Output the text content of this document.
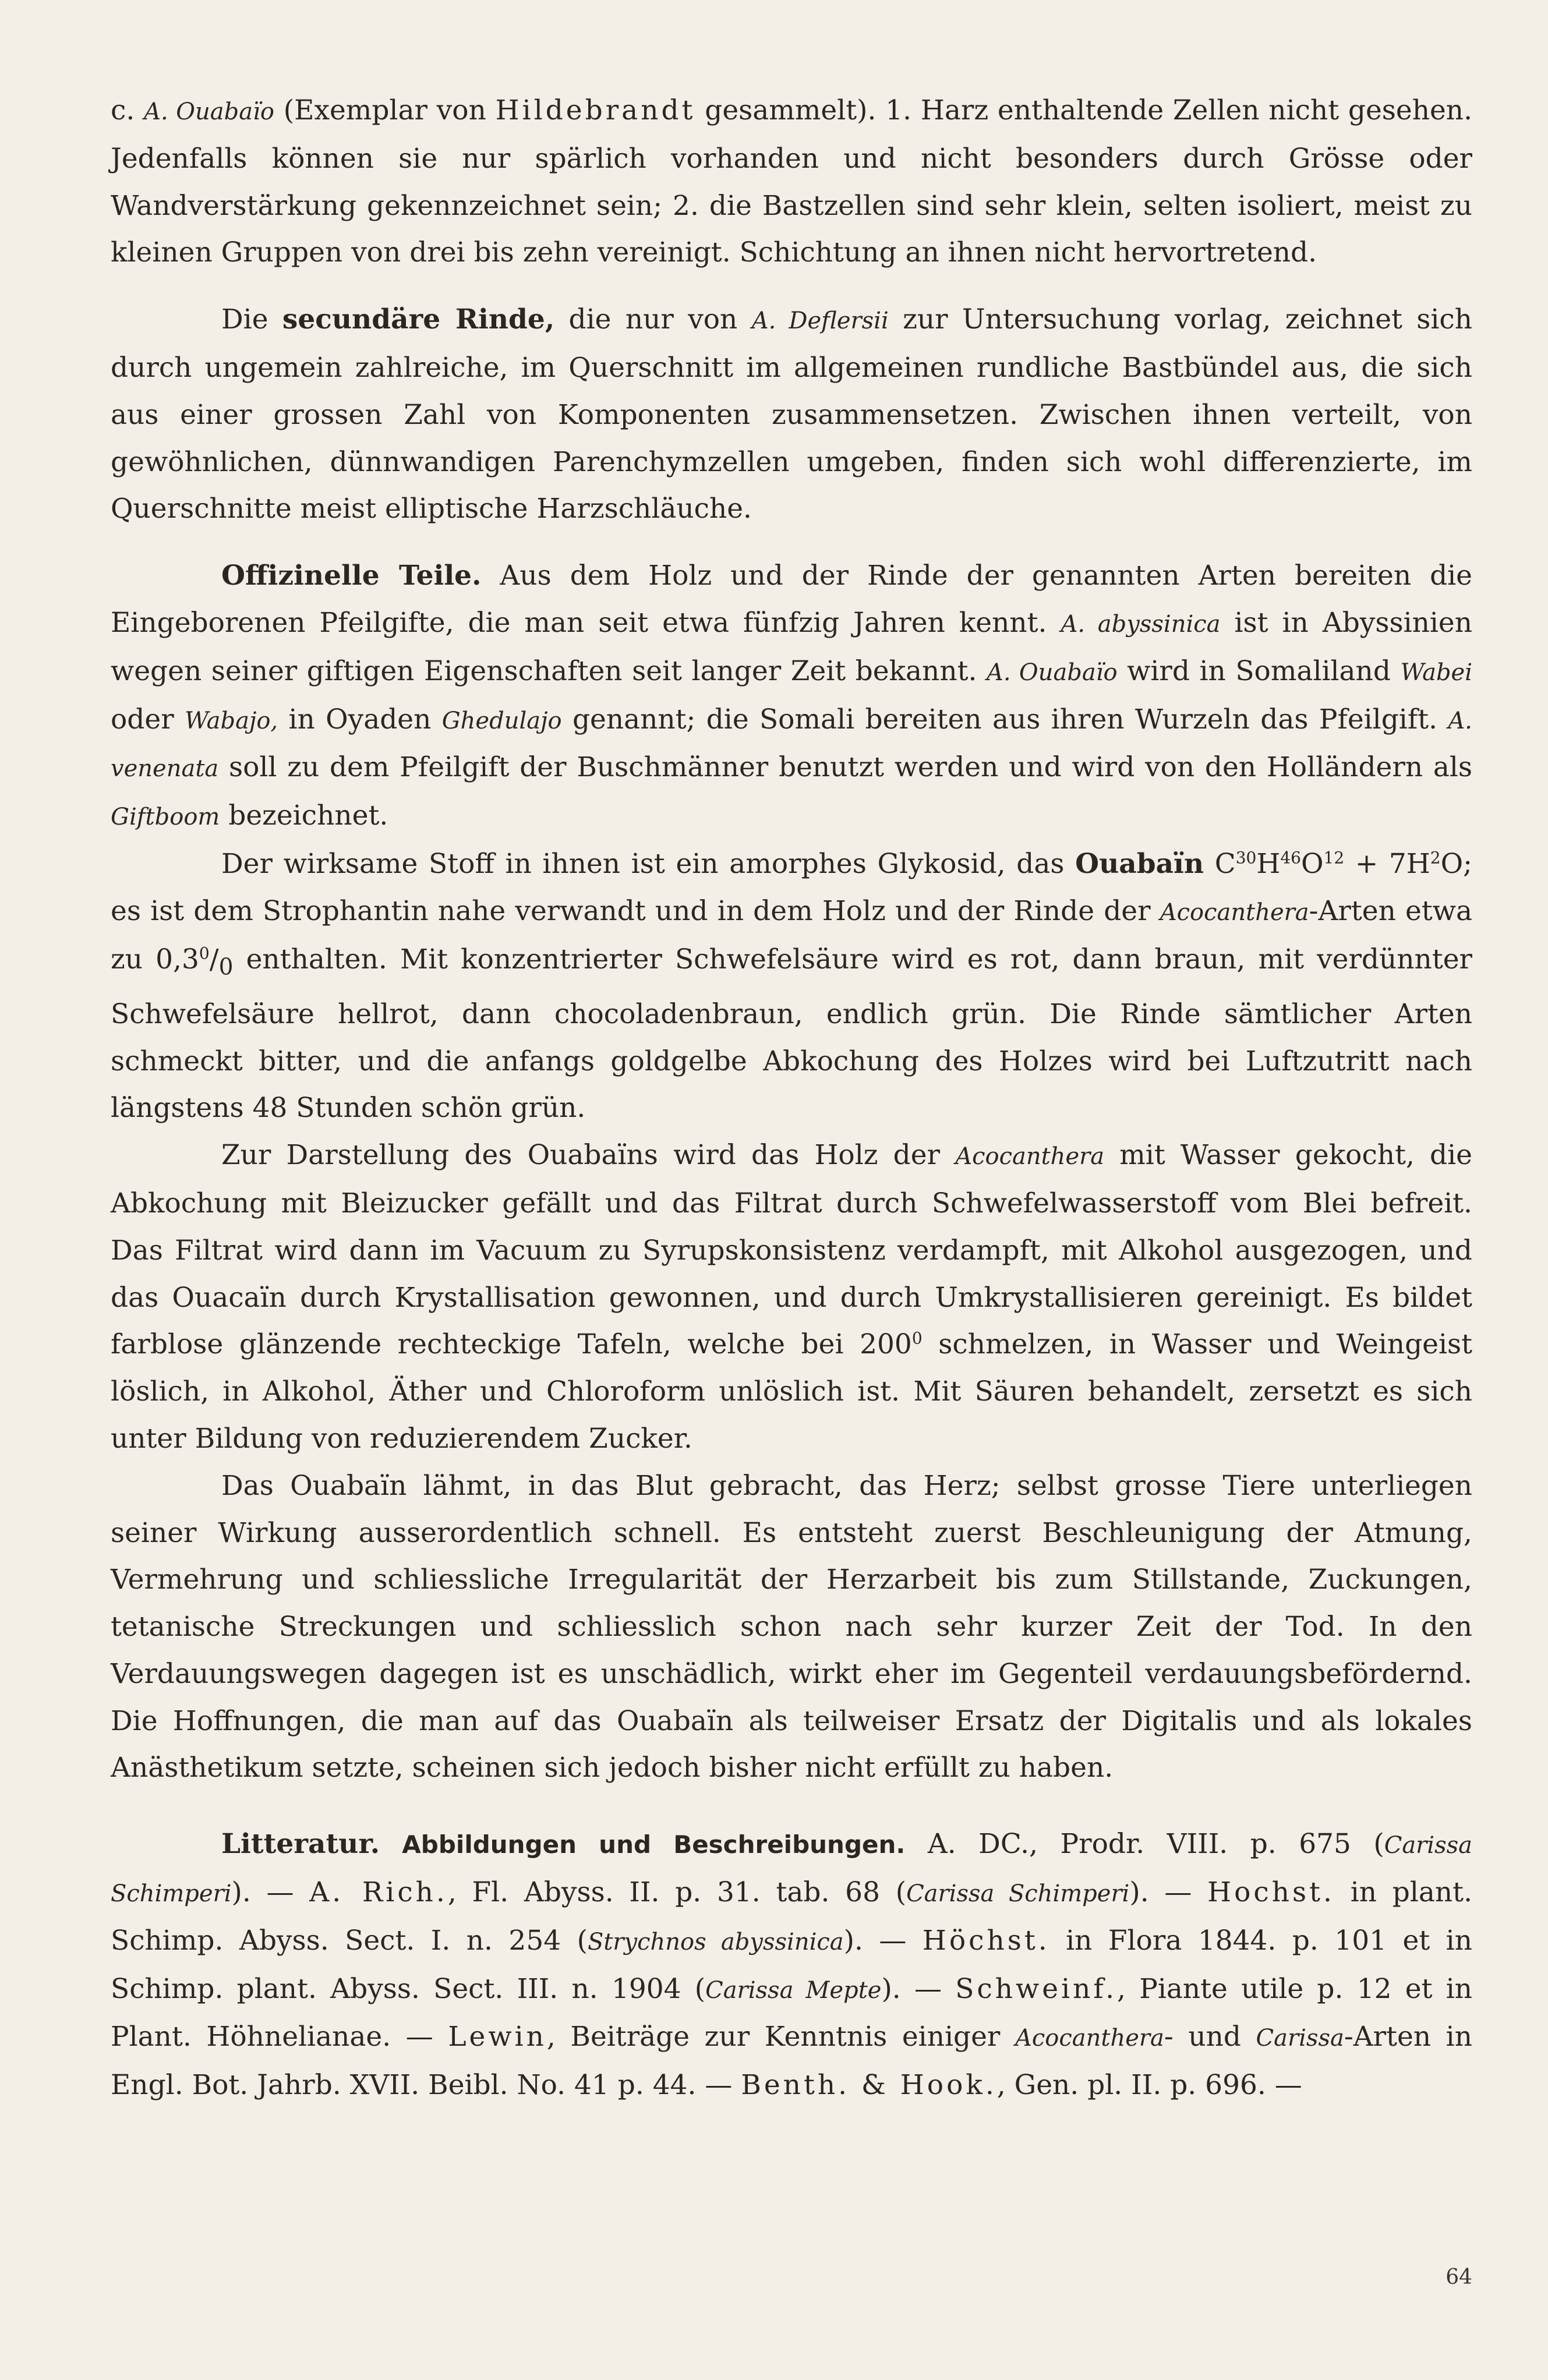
c. A. Ouabaïo (Exemplar von Hildebrandt gesammelt). 1. Harz enthaltende Zellen nicht gesehen. Jedenfalls können sie nur spärlich vorhanden und nicht besonders durch Grösse oder Wandverstärkung gekennzeichnet sein; 2. die Bastzellen sind sehr klein, selten isoliert, meist zu kleinen Gruppen von drei bis zehn vereinigt. Schichtung an ihnen nicht hervortretend.

Die secundäre Rinde, die nur von A. Deflersii zur Untersuchung vorlag, zeichnet sich durch ungemein zahlreiche, im Querschnitt im allgemeinen rundliche Bastbündel aus, die sich aus einer grossen Zahl von Komponenten zusammensetzen. Zwischen ihnen verteilt, von gewöhnlichen, dünnwandigen Parenchymzellen umgeben, finden sich wohl differenzierte, im Querschnitte meist elliptische Harzschläuche.

Offizinelle Teile. Aus dem Holz und der Rinde der genannten Arten bereiten die Eingeborenen Pfeilgifte, die man seit etwa fünfzig Jahren kennt. A. abyssinica ist in Abyssinien wegen seiner giftigen Eigenschaften seit langer Zeit bekannt. A. Ouabaïo wird in Somaliland Wabei oder Wabajo, in Oyaden Ghedulajo genannt; die Somali bereiten aus ihren Wurzeln das Pfeilgift. A. venenata soll zu dem Pfeilgift der Buschmänner benutzt werden und wird von den Holländern als Giftboom bezeichnet.

Der wirksame Stoff in ihnen ist ein amorphes Glykosid, das Ouabaïn $C^{30}H^{46}O^{12} + 7H^2O$; es ist dem Strophantin nahe verwandt und in dem Holz und der Rinde der Acocanthera-Arten etwa zu $0,3^0/_0$ enthalten. Mit konzentrierter Schwefelsäure wird es rot, dann braun, mit verdünnter Schwefelsäure hellrot, dann chocoladenbraun, endlich grün. Die Rinde sämtlicher Arten schmeckt bitter, und die anfangs goldgelbe Abkochung des Holzes wird bei Luftzutritt nach längstens 48 Stunden schön grün.

Zur Darstellung des Ouabaïns wird das Holz der Acocanthera mit Wasser gekocht, die Abkochung mit Bleizucker gefällt und das Filtrat durch Schwefelwasserstoff vom Blei befreit. Das Filtrat wird dann im Vacuum zu Syrupskonsistenz verdampft, mit Alkohol ausgezogen, und das Ouacaïn durch Krystallisation gewonnen, und durch Umkrystallisieren gereinigt. Es bildet farblose glänzende rechteckige Tafeln, welche bei $200^0$ schmelzen, in Wasser und Weingeist löslich, in Alkohol, Äther und Chloroform unlöslich ist. Mit Säuren behandelt, zersetzt es sich unter Bildung von reduzierendem Zucker.

Das Ouabaïn lähmt, in das Blut gebracht, das Herz; selbst grosse Tiere unterliegen seiner Wirkung ausserordentlich schnell. Es entsteht zuerst Beschleunigung der Atmung, Vermehrung und schliessliche Irregularität der Herzarbeit bis zum Stillstande, Zuckungen, tetanische Streckungen und schliesslich schon nach sehr kurzer Zeit der Tod. In den Verdauungswegen dagegen ist es unschädlich, wirkt eher im Gegenteil verdauungsbefördernd. Die Hoffnungen, die man auf das Ouabaïn als teilweiser Ersatz der Digitalis und als lokales Anästhetikum setzte, scheinen sich jedoch bisher nicht erfüllt zu haben.

Litteratur. Abbildungen und Beschreibungen. A. DC., Prodr. VIII. p. 675 (Carissa Schimperi). — A. Rich., Fl. Abyss. II. p. 31. tab. 68 (Carissa Schimperi). — Hochst. in plant. Schimp. Abyss. Sect. I. n. 254 (Strychnos abyssinica). — Höchst. in Flora 1844. p. 101 et in Schimp. plant. Abyss. Sect. III. n. 1904 (Carissa Mepte). — Schweinf., Piante utile p. 12 et in Plant. Höhnelianae. — Lewin, Beiträge zur Kenntnis einiger Acocanthera- und Carissa-Arten in Engl. Bot. Jahrb. XVII. Beibl. No. 41 p. 44. — Benth. & Hook., Gen. pl. II. p. 696. —

64
